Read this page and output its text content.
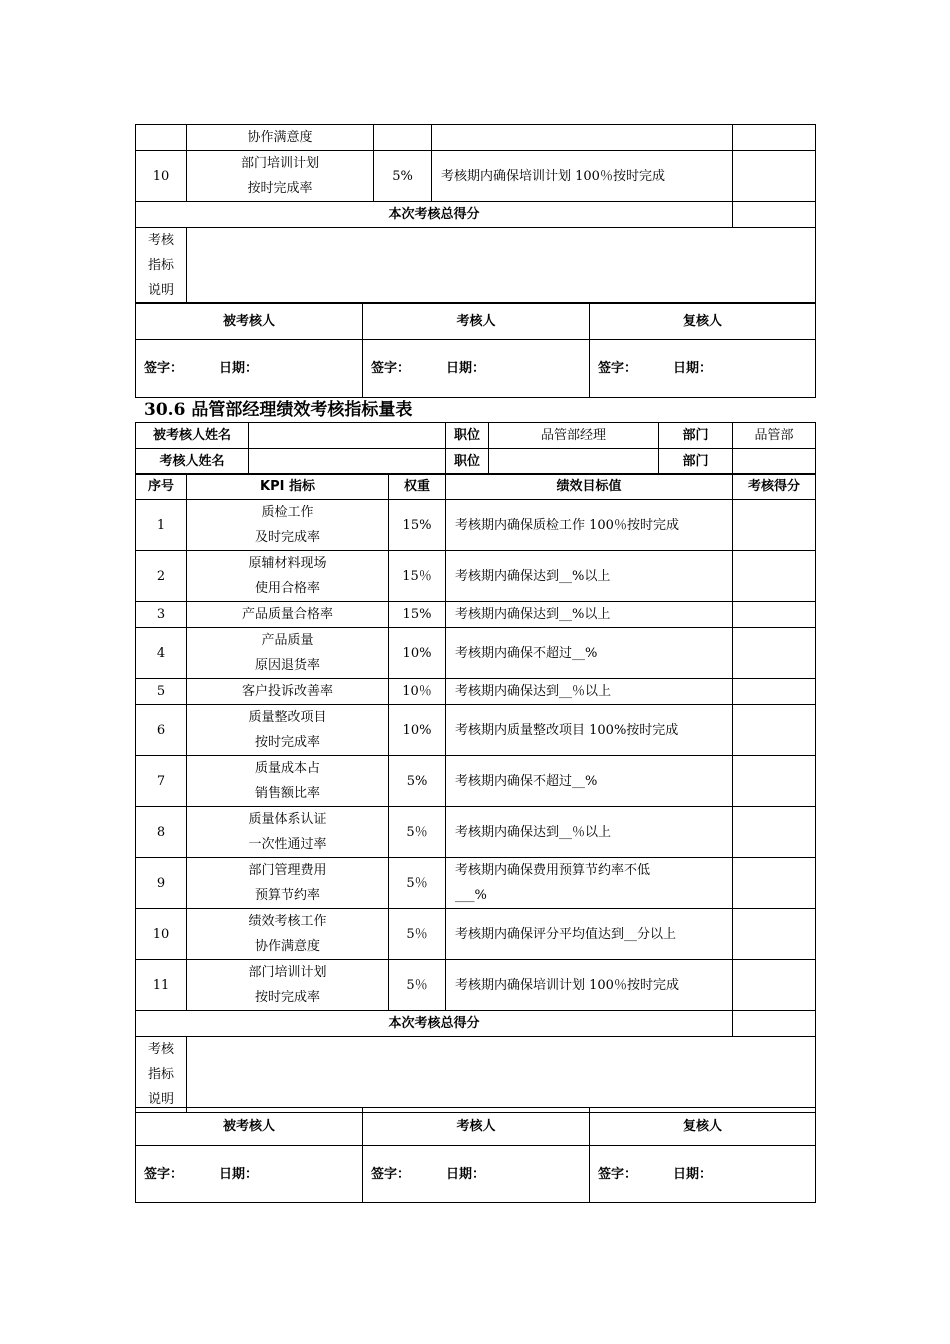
	协作满意度			
10	部门培训计划
按时完成率	5%	考核期内确保培训计划 100％按时完成	
本次考核总得分				

考核
指标
说明				

被考核人	考核人	复核人
签字： 日期：	签字： 日期：	签字： 日期：
30.6 品管部经理绩效考核指标量表
被考核人姓名		职位	品管部经理	部门	品管部
考核人姓名		职位		部门	
序号	KPI 指标	权重	绩效目标值	考核得分
1	质检工作
及时完成率	15%	考核期内确保质检工作 100％按时完成	

2	原辅材料现场
使用合格率	15％	考核期内确保达到__%以上	

3	产品质量合格率	15%	考核期内确保达到__%以上	

4	产品质量
原因退货率	10%	考核期内确保不超过__%	

5	客户投诉改善率	10％	考核期内确保达到__％以上	

6	质量整改项目
按时完成率	10%	考核期内质量整改项目 100%按时完成	

7	质量成本占
销售额比率	5%	考核期内确保不超过__%	

8	质量体系认证
一次性通过率	5％	考核期内确保达到__％以上	

9	部门管理费用
预算节约率	5％	考核期内确保费用预算节约率不低
___%	

10	绩效考核工作
协作满意度	5％	考核期内确保评分平均值达到__分以上	

11	部门培训计划
按时完成率	5％	考核期内确保培训计划 100％按时完成	

本次考核总得分				

考核
指标
说明				

被考核人	考核人	复核人
签字： 日期：	签字： 日期：	签字： 日期：
